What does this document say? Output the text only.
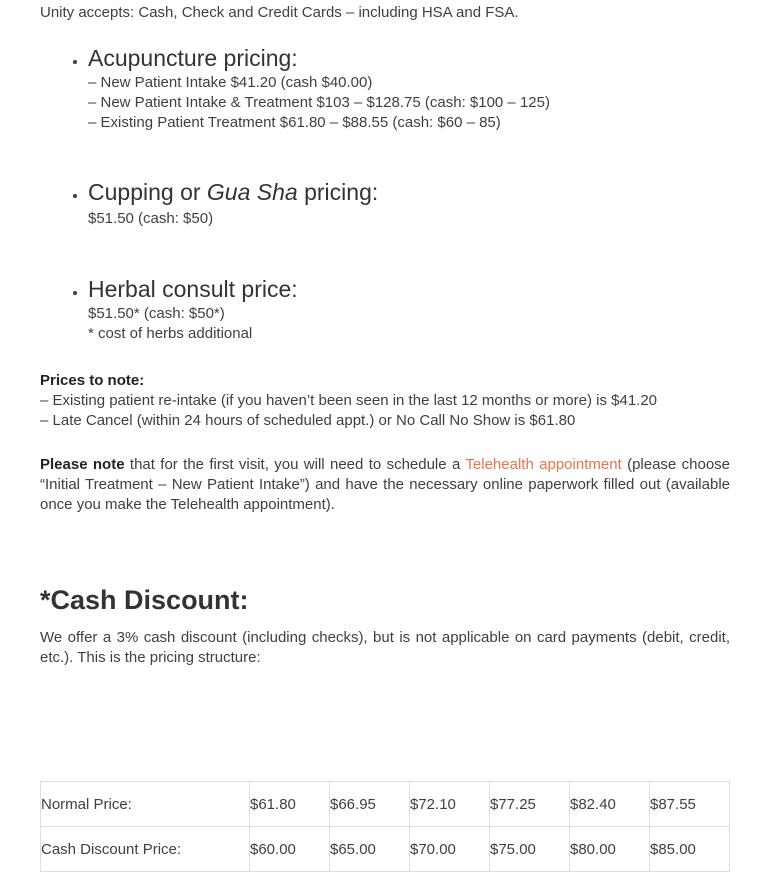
Unity accepts: Cash, Check and Credit Cards – including HSA and FSA.

• Acupuncture pricing:
– New Patient Intake $41.20 (cash $40.00)
– New Patient Intake & Treatment $103 – $128.75 (cash: $100 – 125)
– Existing Patient Treatment $61.80 – $88.55 (cash: $60 – 85)
• Cupping or Gua Sha pricing:
$51.50 (cash: $50)
• Herbal consult price:
$51.50* (cash: $50*)
* cost of herbs additional

Prices to note:

– Existing patient re-intake (if you haven’t been seen in the last 12 months or more) is $41.20

– Late Cancel (within 24 hours of scheduled appt.) or No Call No Show is $61.80

Please note that for the first visit, you will need to schedule a Telehealth appointment (please choose “Initial Treatment – New Patient Intake”) and have the necessary online paperwork filled out (available once you make the Telehealth appointment).

*Cash Discount:

We offer a 3% cash discount (including checks), but is not applicable on card payments (debit, credit, etc.). This is the pricing structure:

Normal Price:	$61.80	$66.95	$72.10	$77.25	$82.40	$87.55
Cash Discount Price:	$60.00	$65.00	$70.00	$75.00	$80.00	$85.00
